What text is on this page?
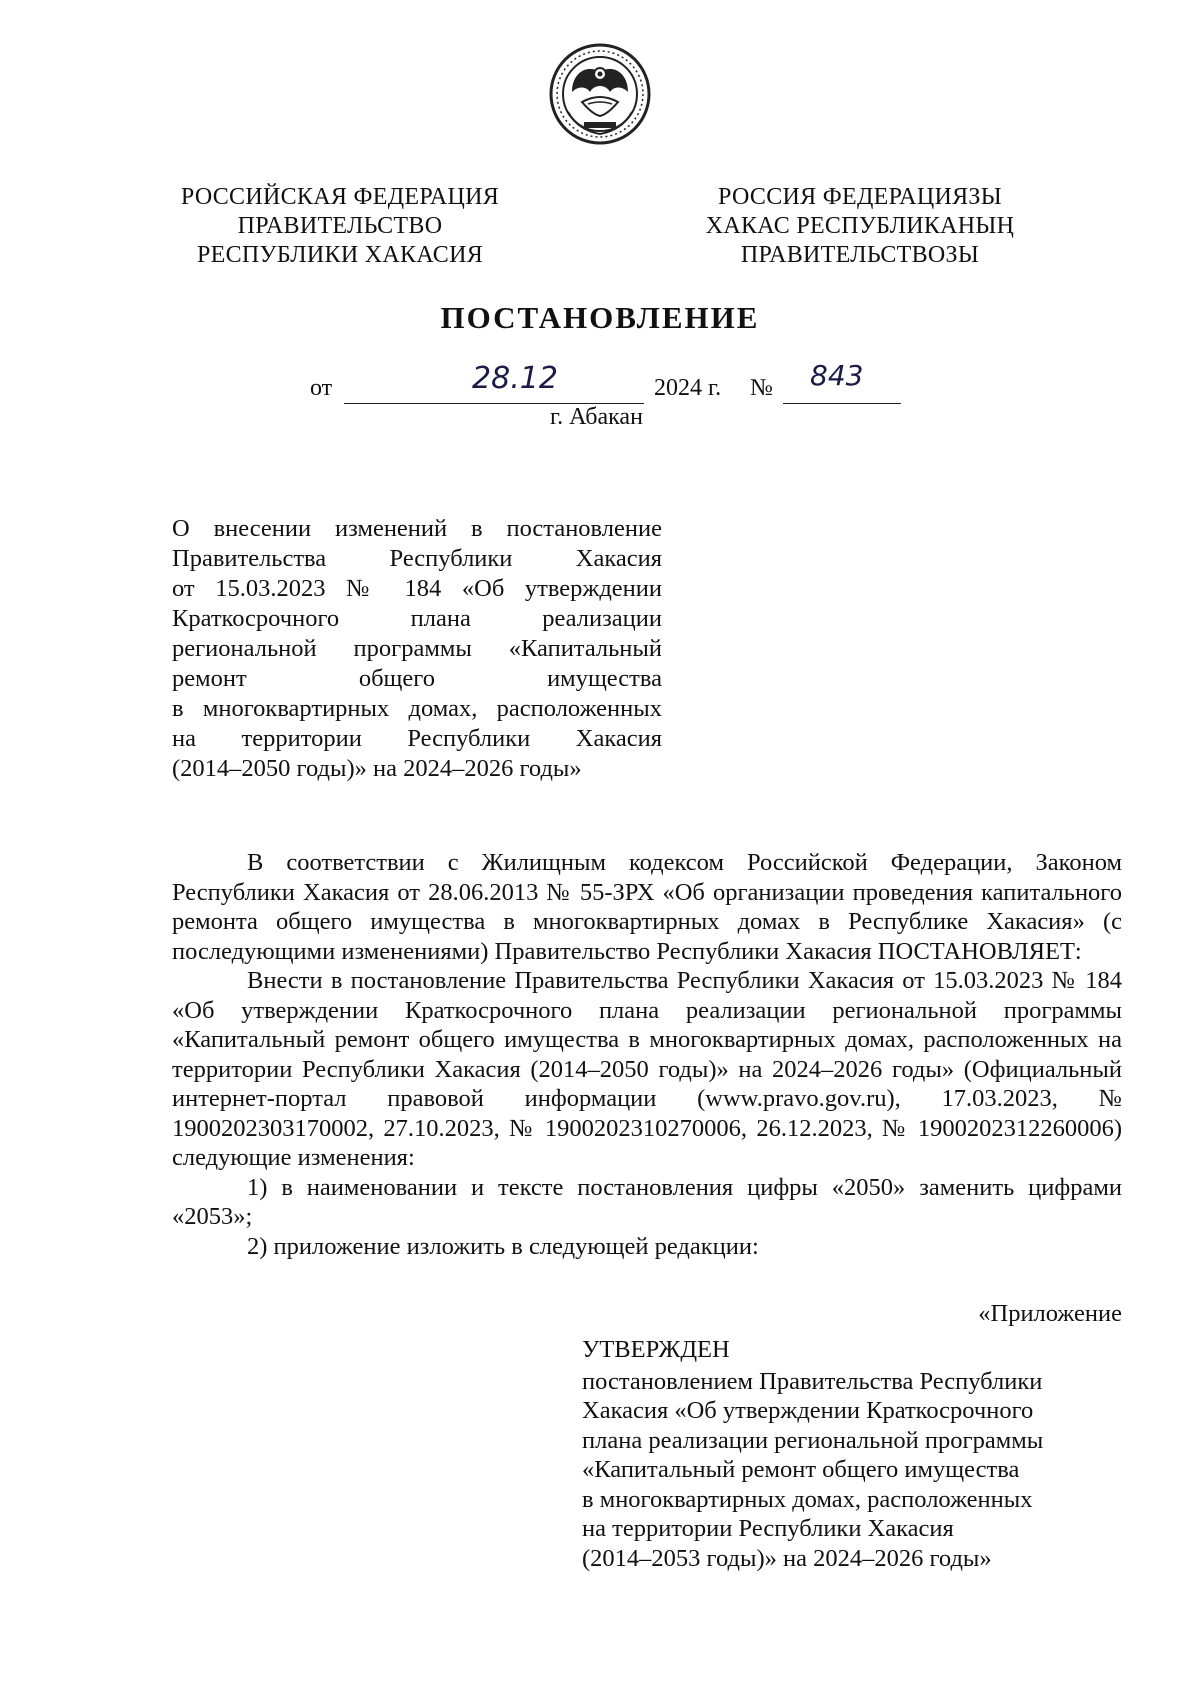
РОССИЙСКАЯ ФЕДЕРАЦИЯ
ПРАВИТЕЛЬСТВО
РЕСПУБЛИКИ ХАКАСИЯ
РОССИЯ ФЕДЕРАЦИЯЗЫ
ХАКАС РЕСПУБЛИКАНЫҢ
ПРАВИТЕЛЬСТВОЗЫ
ПОСТАНОВЛЕНИЕ
от	28.12	2024 г. № 843
г. Абакан
О внесении изменений в постановление
Правительства Республики Хакасия
от 15.03.2023 № 184 «Об утверждении
Краткосрочного плана реализации
региональной программы «Капитальный
ремонт общего имущества
в многоквартирных домах, расположенных
на территории Республики Хакасия
(2014–2050 годы)» на 2024–2026 годы»

В соответствии с Жилищным кодексом Российской Федерации, Законом Республики Хакасия от 28.06.2013 № 55-ЗРХ «Об организации проведения капитального ремонта общего имущества в многоквартирных домах в Республике Хакасия» (с последующими изменениями) Правительство Республики Хакасия ПОСТАНОВЛЯЕТ:

Внести в постановление Правительства Республики Хакасия от 15.03.2023 № 184 «Об утверждении Краткосрочного плана реализации региональной программы «Капитальный ремонт общего имущества в многоквартирных домах, расположенных на территории Республики Хакасия (2014–2050 годы)» на 2024–2026 годы» (Официальный интернет-портал правовой информации (www.pravo.gov.ru), 17.03.2023, № 1900202303170002, 27.10.2023, № 1900202310270006, 26.12.2023, № 1900202312260006) следующие изменения:

1) в наименовании и тексте постановления цифры «2050» заменить цифрами «2053»;

2) приложение изложить в следующей редакции:

«Приложение
УТВЕРЖДЕН
постановлением Правительства Республики
Хакасия «Об утверждении Краткосрочного
плана реализации региональной программы
«Капитальный ремонт общего имущества
в многоквартирных домах, расположенных
на территории Республики Хакасия
(2014–2053 годы)» на 2024–2026 годы»
